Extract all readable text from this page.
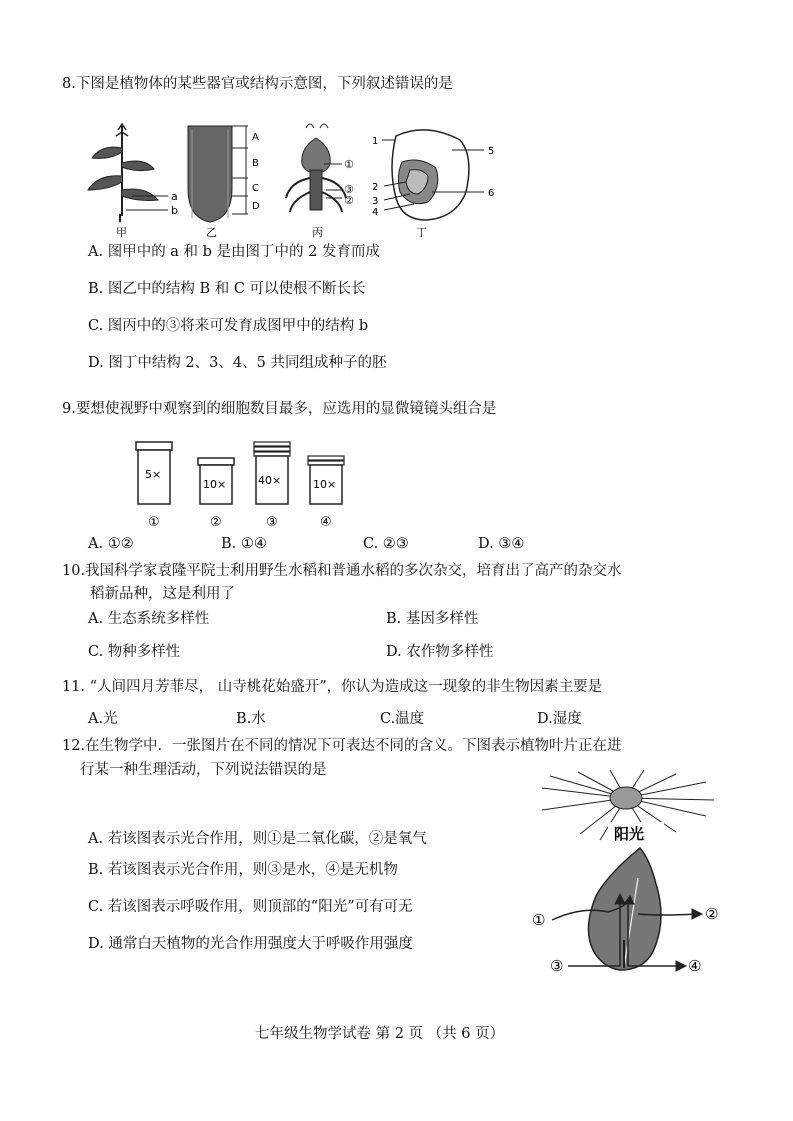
8.下图是植物体的某些器官或结构示意图，下列叙述错误的是
a
b
甲
A
B
C
D
乙
①
③
②
丙
1
5
2
6
3
4
丁
A. 图甲中的 a 和 b 是由图丁中的 2 发育而成
B. 图乙中的结构 B 和 C 可以使根不断长长
C. 图丙中的③将来可发育成图甲中的结构 b
D. 图丁中结构 2、3、4、5 共同组成种子的胚
9.要想使视野中观察到的细胞数目最多，应选用的显微镜镜头组合是
5×
①
10×
②
40×
③
10×
④
A. ①②	B. ①④	C. ②③	D. ③④
10.我国科学家袁隆平院士利用野生水稻和普通水稻的多次杂交，培育出了高产的杂交水
稻新品种，这是利用了
A. 生态系统多样性	B. 基因多样性
C. 物种多样性	D. 农作物多样性
11. “人间四月芳菲尽， 山寺桃花始盛开”，你认为造成这一现象的非生物因素主要是
A.光	B.水	C.温度	D.湿度
12.在生物学中．一张图片在不同的情况下可表达不同的含义。下图表示植物叶片正在进
行某一种生理活动，下列说法错误的是
A. 若该图表示光合作用，则①是二氧化碳，②是氧气
B. 若该图表示光合作用，则③是水，④是无机物
C. 若该图表示呼吸作用，则顶部的“阳光”可有可无
D. 通常白天植物的光合作用强度大于呼吸作用强度
阳光
①	②
③	④
七年级生物学试卷 第 2 页 （共 6 页）
